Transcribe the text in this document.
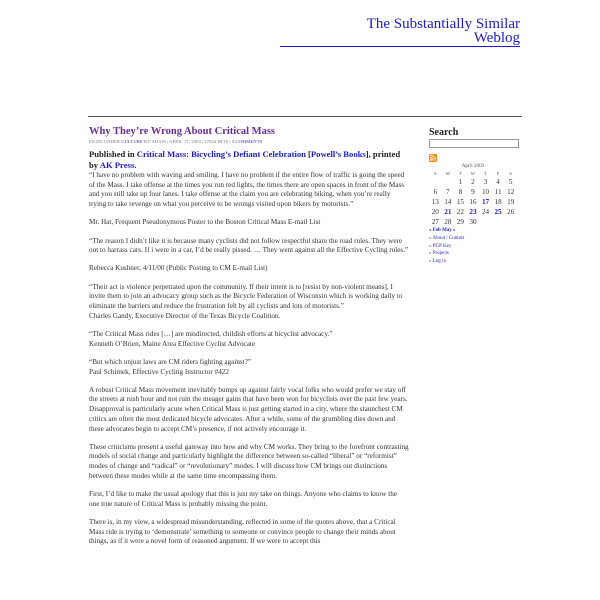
The Substantially Similar
Weblog
Why They’re Wrong About Critical Mass
FILED UNDER CULTURE BY ADAM | APRIL 17, 2003 | 27824 HITS | 3 COMMENTS
Published in Critical Mass: Bicycling’s Defiant Celebration [Powell’s Books], printed by AK Press.

“I have no problem with waving and smiling. I have no problem if the entire flow of traffic is going the speed of the Mass. I take offense at the times you run red lights, the times there are open spaces in front of the Mass and you still take up four lanes. I take offense at the claim you are celebrating biking, when you’re really trying to take revenge on what you perceive to be wrongs visited upon bikers by motorists.”

Mr. Hat, Frequent Pseudonymous Poster to the Boston Critical Mass E-mail List

“The reason I didn’t like it is because many cyclists did not follow respectful share the road rules. They were out to harrass cars. If i were in a car, I’d be really pissed. … They went against all the Effective Cycling rules.”

Rebecca Kushner, 4/11/00 (Public Posting to CM E-mail List)

“Their act is violence perpetrated upon the community. If their intent is to [resist by non-violent means], I invite them to join an advocacy group such as the Bicycle Federation of Wisconsin which is working daily to eliminate the barriers and reduce the frustration felt by all cyclists and lots of motorists.”

Charles Gandy, Executive Director of the Texas Bicycle Coalition.

“The Critical Mass rides […] are misdirected, childish efforts at bicyclist advocacy.”

Kenneth O’Brien, Maine Area Effective Cyclist Advocate

“But which unjust laws are CM riders fighting against?”

Paul Schimek, Effective Cycling Instructor #422

A robust Critical Mass movement inevitably bumps up against fairly vocal folks who would prefer we stay off the streets at rush hour and not ruin the meager gains that have been won for bicyclists over the past few years. Disapproval is particularly acute when Critical Mass is just getting started in a city, where the staunchest CM critics are often the most dedicated bicycle advocates. After a while, some of the grumbling dies down and these advocates begin to accept CM’s presence, if not actively encourage it.

These criticisms present a useful gateway into how and why CM works. They bring to the forefront contrasting models of social change and particularly highlight the difference between so-called “liberal” or “reformist” modes of change and “radical” or “revolutionary” modes. I will discuss how CM brings out distinctions between these modes while at the same time encompassing them.

First, I’d like to make the usual apology that this is just my take on things. Anyone who claims to know the one true nature of Critical Mass is probably missing the point.

There is, in my view, a widespread misunderstanding, reflected in some of the quotes above, that a Critical Mass ride is trying to ‘demonstrate’ something to someone or convince people to change their minds about things, as if it were a novel form of reasoned argument. If we were to accept this

Search
April 2003
S	M	T	W	T	F	S
		1	2	3	4	5
6	7	8	9	10	11	12
13	14	15	16	17	18	19
20	21	22	23	24	25	26
27	28	29	30			
« Feb May »
» About / Contact
» PGP Key
» Projects
» Log in
